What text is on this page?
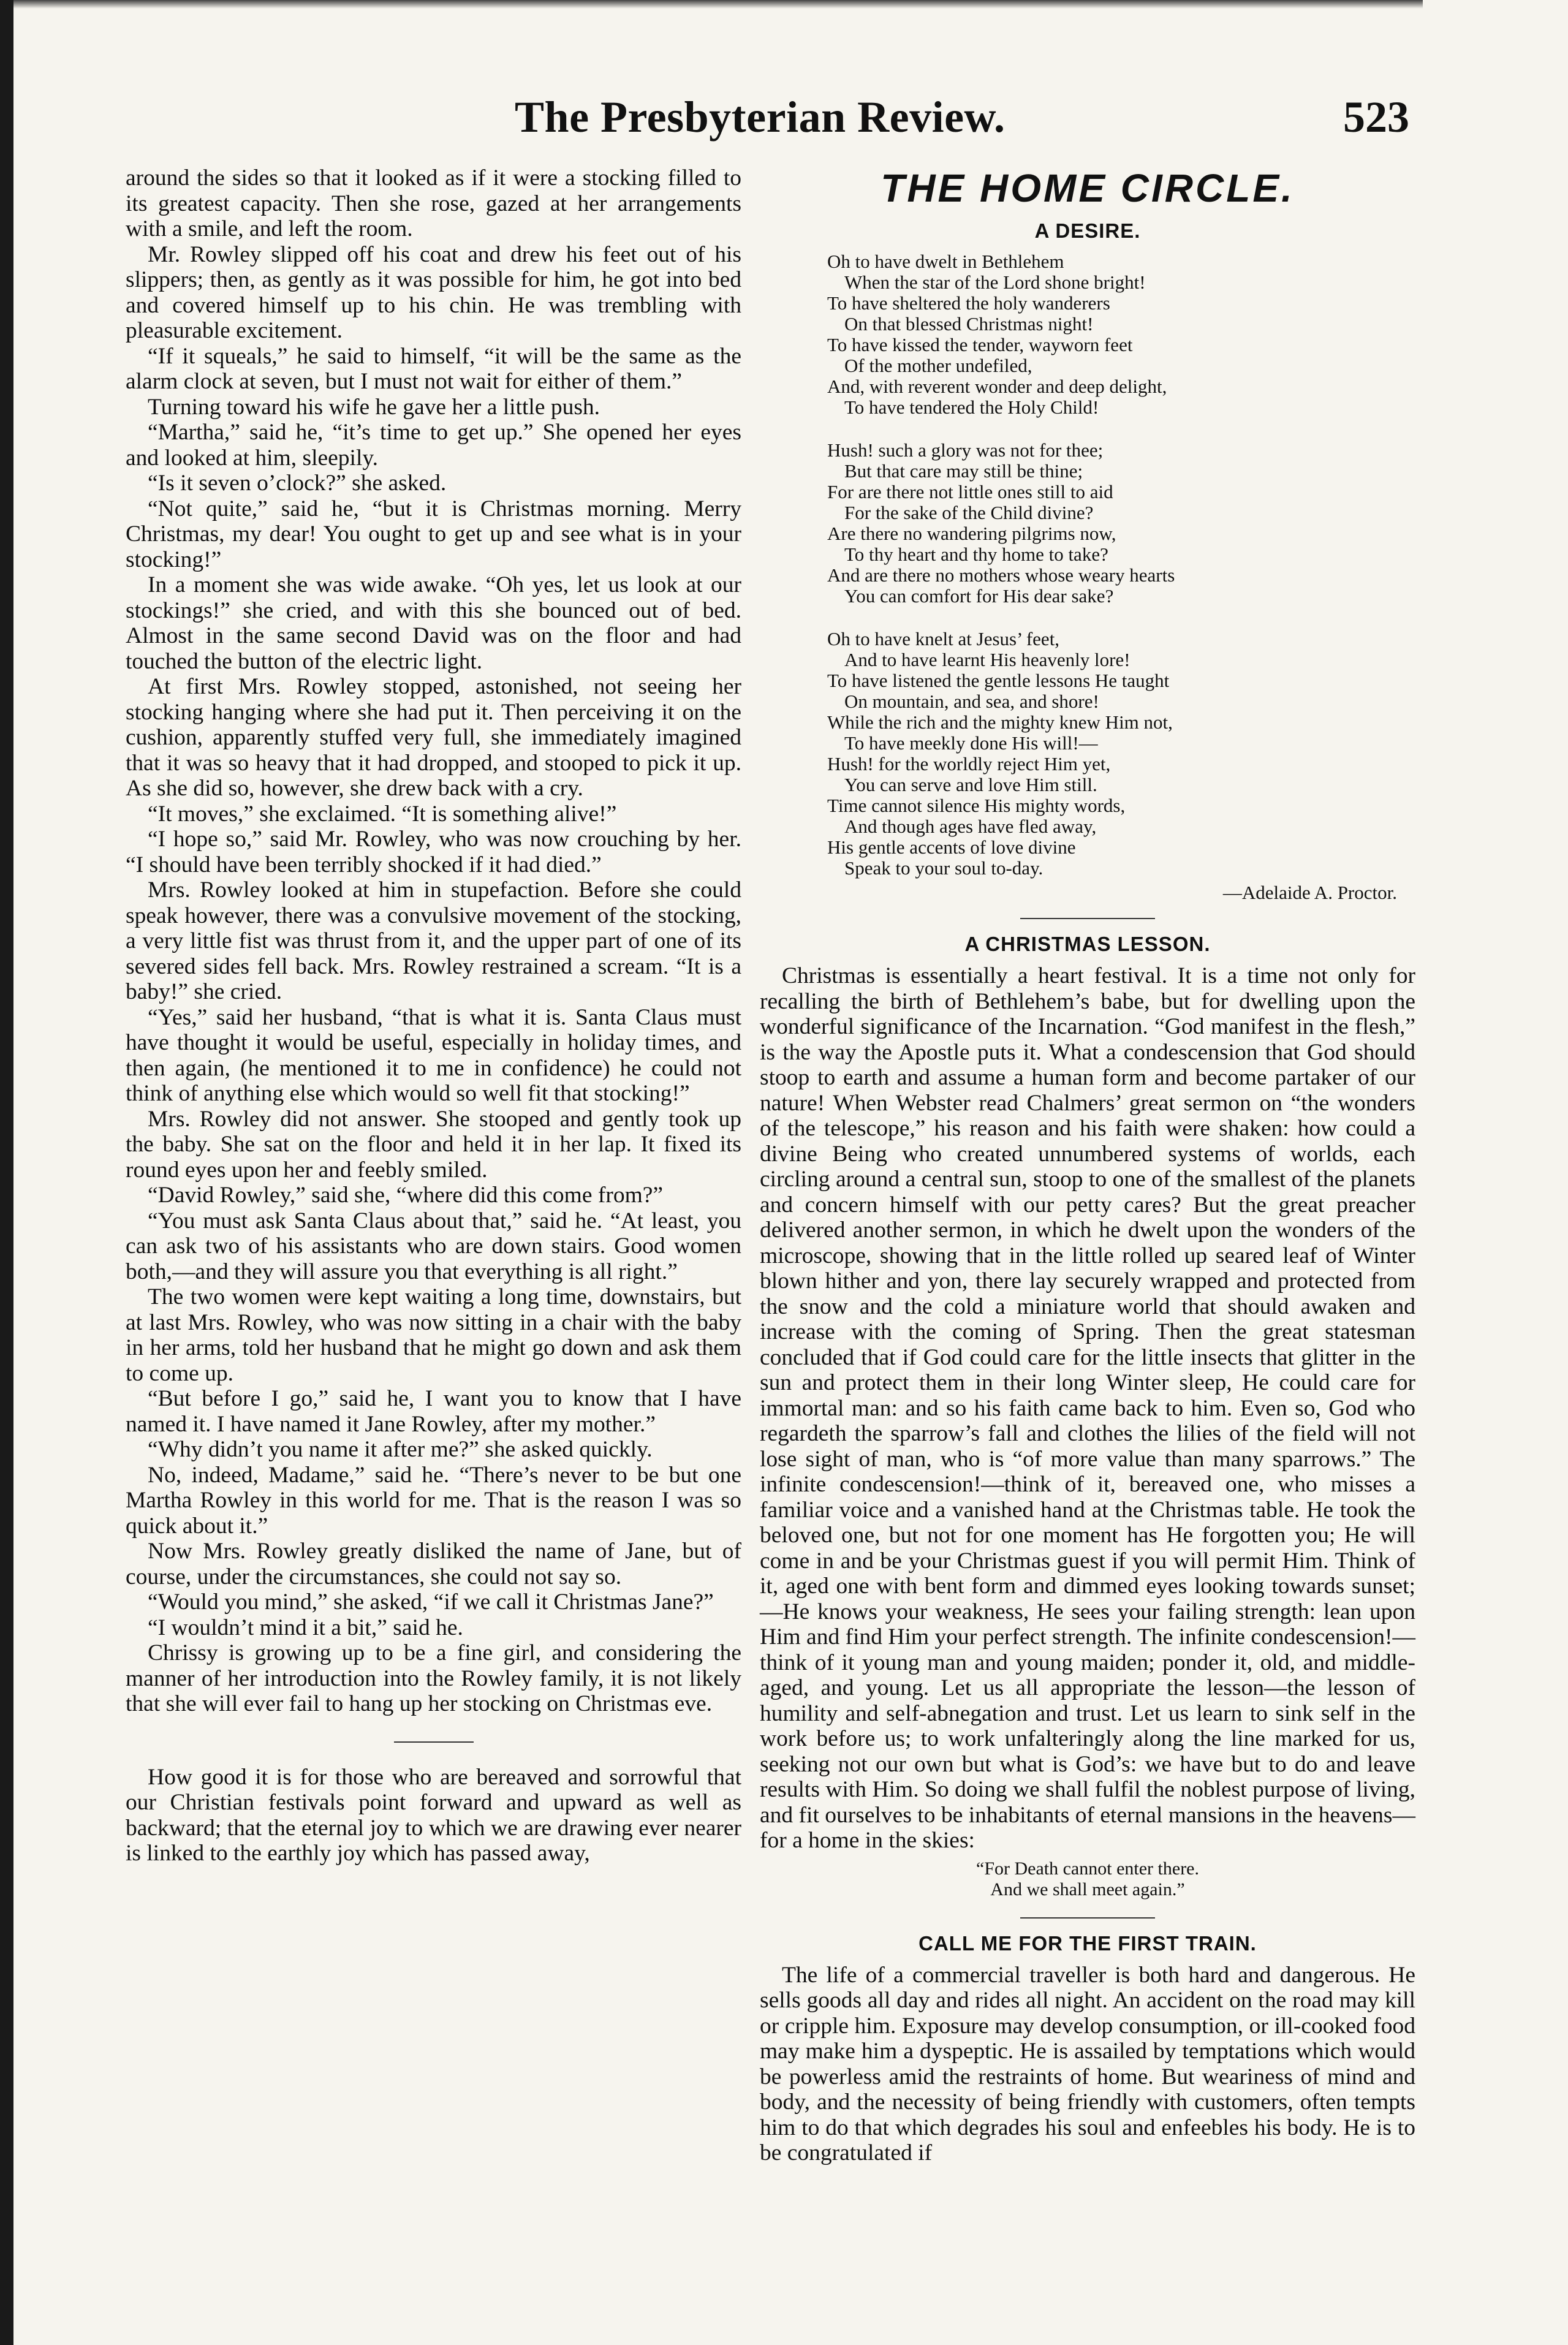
The Presbyterian Review.	523

around the sides so that it looked as if it were a stocking filled to its greatest capacity. Then she rose, gazed at her arrangements with a smile, and left the room.

Mr. Rowley slipped off his coat and drew his feet out of his slippers; then, as gently as it was possible for him, he got into bed and covered himself up to his chin. He was trembling with pleasurable excitement.

“If it squeals,” he said to himself, “it will be the same as the alarm clock at seven, but I must not wait for either of them.”

Turning toward his wife he gave her a little push.

“Martha,” said he, “it’s time to get up.” She opened her eyes and looked at him, sleepily.

“Is it seven o’clock?” she asked.

“Not quite,” said he, “but it is Christmas morning. Merry Christmas, my dear! You ought to get up and see what is in your stocking!”

In a moment she was wide awake. “Oh yes, let us look at our stockings!” she cried, and with this she bounced out of bed. Almost in the same second David was on the floor and had touched the button of the electric light.

At first Mrs. Rowley stopped, astonished, not seeing her stocking hanging where she had put it. Then perceiving it on the cushion, apparently stuffed very full, she immediately imagined that it was so heavy that it had dropped, and stooped to pick it up. As she did so, however, she drew back with a cry.

“It moves,” she exclaimed. “It is something alive!”

“I hope so,” said Mr. Rowley, who was now crouching by her. “I should have been terribly shocked if it had died.”

Mrs. Rowley looked at him in stupefaction. Before she could speak however, there was a convulsive movement of the stocking, a very little fist was thrust from it, and the upper part of one of its severed sides fell back. Mrs. Rowley restrained a scream. “It is a baby!” she cried.

“Yes,” said her husband, “that is what it is. Santa Claus must have thought it would be useful, especially in holiday times, and then again, (he mentioned it to me in confidence) he could not think of anything else which would so well fit that stocking!”

Mrs. Rowley did not answer. She stooped and gently took up the baby. She sat on the floor and held it in her lap. It fixed its round eyes upon her and feebly smiled.

“David Rowley,” said she, “where did this come from?”

“You must ask Santa Claus about that,” said he. “At least, you can ask two of his assistants who are down stairs. Good women both,—and they will assure you that everything is all right.”

The two women were kept waiting a long time, downstairs, but at last Mrs. Rowley, who was now sitting in a chair with the baby in her arms, told her husband that he might go down and ask them to come up.

“But before I go,” said he, I want you to know that I have named it. I have named it Jane Rowley, after my mother.”

“Why didn’t you name it after me?” she asked quickly.

No, indeed, Madame,” said he. “There’s never to be but one Martha Rowley in this world for me. That is the reason I was so quick about it.”

Now Mrs. Rowley greatly disliked the name of Jane, but of course, under the circumstances, she could not say so.

“Would you mind,” she asked, “if we call it Christmas Jane?”

“I wouldn’t mind it a bit,” said he.

Chrissy is growing up to be a fine girl, and considering the manner of her introduction into the Rowley family, it is not likely that she will ever fail to hang up her stocking on Christmas eve.

How good it is for those who are bereaved and sorrowful that our Christian festivals point forward and upward as well as backward; that the eternal joy to which we are drawing ever nearer is linked to the earthly joy which has passed away,

THE HOME CIRCLE.
A DESIRE.
Oh to have dwelt in Bethlehem
When the star of the Lord shone bright!
To have sheltered the holy wanderers
On that blessed Christmas night!
To have kissed the tender, wayworn feet
Of the mother undefiled,
And, with reverent wonder and deep delight,
To have tendered the Holy Child!
Hush! such a glory was not for thee;
But that care may still be thine;
For are there not little ones still to aid
For the sake of the Child divine?
Are there no wandering pilgrims now,
To thy heart and thy home to take?
And are there no mothers whose weary hearts
You can comfort for His dear sake?
Oh to have knelt at Jesus’ feet,
And to have learnt His heavenly lore!
To have listened the gentle lessons He taught
On mountain, and sea, and shore!
While the rich and the mighty knew Him not,
To have meekly done His will!—
Hush! for the worldly reject Him yet,
You can serve and love Him still.
Time cannot silence His mighty words,
And though ages have fled away,
His gentle accents of love divine
Speak to your soul to-day.
—Adelaide A. Proctor.
A CHRISTMAS LESSON.

Christmas is essentially a heart festival. It is a time not only for recalling the birth of Bethlehem’s babe, but for dwelling upon the wonderful significance of the Incarnation. “God manifest in the flesh,” is the way the Apostle puts it. What a condescension that God should stoop to earth and assume a human form and become partaker of our nature! When Webster read Chalmers’ great sermon on “the wonders of the telescope,” his reason and his faith were shaken: how could a divine Being who created unnumbered systems of worlds, each circling around a central sun, stoop to one of the smallest of the planets and concern himself with our petty cares? But the great preacher delivered another sermon, in which he dwelt upon the wonders of the microscope, showing that in the little rolled up seared leaf of Winter blown hither and yon, there lay securely wrapped and protected from the snow and the cold a miniature world that should awaken and increase with the coming of Spring. Then the great statesman concluded that if God could care for the little insects that glitter in the sun and protect them in their long Winter sleep, He could care for immortal man: and so his faith came back to him. Even so, God who regardeth the sparrow’s fall and clothes the lilies of the field will not lose sight of man, who is “of more value than many sparrows.” The infinite condescension!—think of it, bereaved one, who misses a familiar voice and a vanished hand at the Christmas table. He took the beloved one, but not for one moment has He forgotten you; He will come in and be your Christmas guest if you will permit Him. Think of it, aged one with bent form and dimmed eyes looking towards sunset;—He knows your weakness, He sees your failing strength: lean upon Him and find Him your perfect strength. The infinite condescension!—think of it young man and young maiden; ponder it, old, and middle-aged, and young. Let us all appropriate the lesson—the lesson of humility and self-abnegation and trust. Let us learn to sink self in the work before us; to work unfalteringly along the line marked for us, seeking not our own but what is God’s: we have but to do and leave results with Him. So doing we shall fulfil the noblest purpose of living, and fit ourselves to be inhabitants of eternal mansions in the heavens—for a home in the skies:

“For Death cannot enter there.
And we shall meet again.”
CALL ME FOR THE FIRST TRAIN.

The life of a commercial traveller is both hard and dangerous. He sells goods all day and rides all night. An accident on the road may kill or cripple him. Exposure may develop consumption, or ill-cooked food may make him a dyspeptic. He is assailed by temptations which would be powerless amid the restraints of home. But weariness of mind and body, and the necessity of being friendly with customers, often tempts him to do that which degrades his soul and enfeebles his body. He is to be congratulated if
